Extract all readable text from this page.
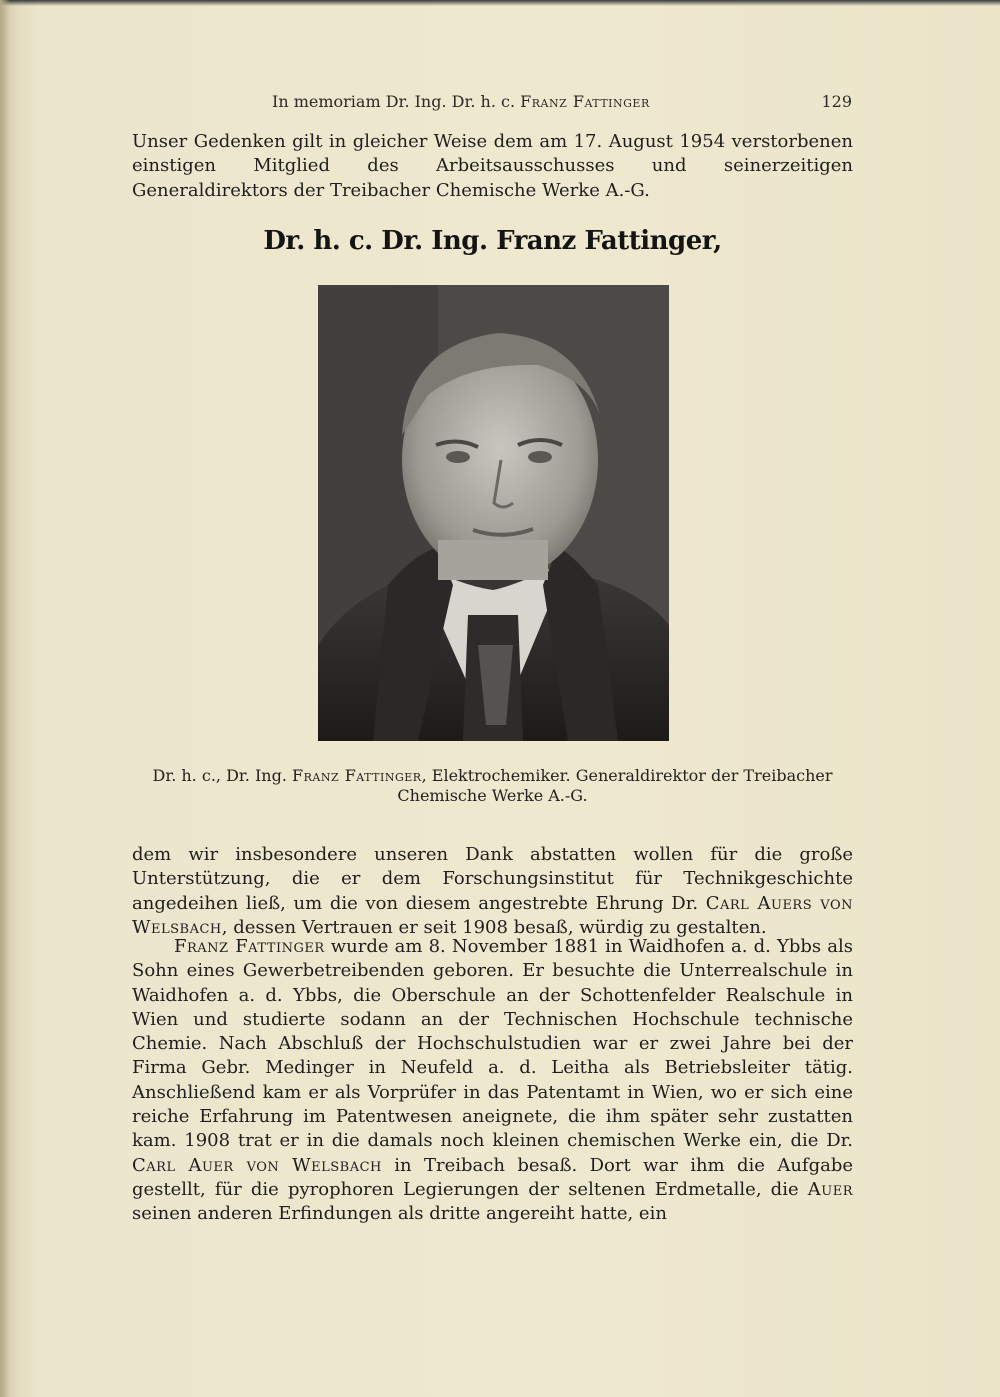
In memoriam Dr. Ing. Dr. h. c. Franz Fattinger	129
Unser Gedenken gilt in gleicher Weise dem am 17. August 1954 verstorbenen einstigen Mitglied des Arbeitsausschusses und seinerzeitigen Generaldirektors der Treibacher Chemische Werke A.-G.
Dr. h. c. Dr. Ing. Franz Fattinger,
Dr. h. c., Dr. Ing. Franz Fattinger, Elektrochemiker. Generaldirektor der Treibacher
Chemische Werke A.-G.
dem wir insbesondere unseren Dank abstatten wollen für die große Unterstützung, die er dem Forschungsinstitut für Technikgeschichte angedeihen ließ, um die von diesem angestrebte Ehrung Dr. Carl Auers von Welsbach, dessen Vertrauen er seit 1908 besaß, würdig zu gestalten.
Franz Fattinger wurde am 8. November 1881 in Waidhofen a. d. Ybbs als Sohn eines Gewerbetreibenden geboren. Er besuchte die Unterrealschule in Waidhofen a. d. Ybbs, die Oberschule an der Schottenfelder Realschule in Wien und studierte sodann an der Technischen Hochschule technische Chemie. Nach Abschluß der Hochschulstudien war er zwei Jahre bei der Firma Gebr. Medinger in Neufeld a. d. Leitha als Betriebsleiter tätig. Anschließend kam er als Vorprüfer in das Patentamt in Wien, wo er sich eine reiche Erfahrung im Patentwesen aneignete, die ihm später sehr zustatten kam. 1908 trat er in die damals noch kleinen chemischen Werke ein, die Dr. Carl Auer von Welsbach in Treibach besaß. Dort war ihm die Aufgabe gestellt, für die pyrophoren Legierungen der seltenen Erdmetalle, die Auer seinen anderen Erfindungen als dritte angereiht hatte, ein
